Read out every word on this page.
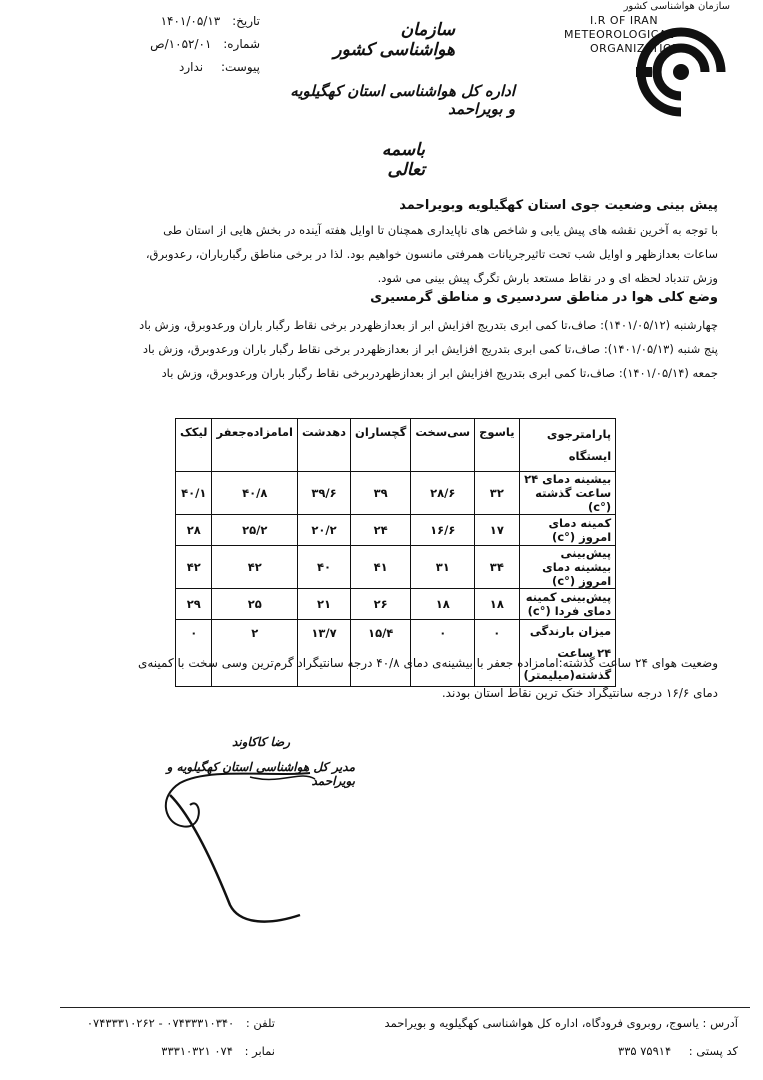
سازمان هواشناسی کشور
I.R OF IRAN
METEOROLOGICAL
ORGANIZATION
سازمان هواشناسی کشور
اداره کل هواشناسی استان کهگیلویه و بویراحمد
باسمه تعالی
تاریخ: ۱۴۰۱/۰۵/۱۳
شماره: ۱۰۵۲/۰۱/ص
پیوست: ندارد
پیش بینی وضعیت جوی استان کهگیلویه وبویراحمد
با توجه به آخرین نقشه های پیش یابی و شاخص های ناپایداری همچنان تا اوایل هفته آینده در بخش هایی از استان طی
ساعات بعدازظهر و اوایل شب تحت تاثیرجریانات همرفتی مانسون خواهیم بود. لذا در برخی مناطق رگبارباران، رعدوبرق،
وزش تندباد لحظه ای و در نقاط مستعد بارش تگرگ پیش بینی می شود.
وضع کلی هوا در مناطق سردسیری و مناطق گرمسیری
چهارشنبه (۱۴۰۱/۰۵/۱۲): صاف،تا کمی ابری بتدریج افزایش ابر از بعدازظهردر برخی نقاط رگبار باران ورعدوبرق، وزش باد
پنج شنبه (۱۴۰۱/۰۵/۱۳): صاف،تا کمی ابری بتدریج افزایش ابر از بعدازظهردر برخی نقاط رگبار باران ورعدوبرق، وزش باد
جمعه (۱۴۰۱/۰۵/۱۴): صاف،تا کمی ابری بتدریج افزایش ابر از بعدازظهردربرخی نقاط رگبار باران ورعدوبرق، وزش باد
پارامترجوی
ایستگاه	یاسوج	سی‌سخت	گچساران	دهدشت	امامزاده‌جعفر	لیکک
بیشینه دمای ۲۴ ساعت گذشته (°c)	۳۲	۲۸/۶	۳۹	۳۹/۶	۴۰/۸	۴۰/۱
کمینه دمای امروز (°c)	۱۷	۱۶/۶	۲۴	۲۰/۲	۲۵/۲	۲۸
پیش‌بینی بیشینه دمای امروز (°c)	۳۴	۳۱	۴۱	۴۰	۴۲	۴۲
پیش‌بینی کمینه دمای فردا (°c)	۱۸	۱۸	۲۶	۲۱	۲۵	۲۹

میزان بارندگی ۲۴ ساعت
گذشته(میلیمتر)	۰	۰	۱۵/۴	۱۳/۷	۲	۰
وضعیت هوای ۲۴ ساعت گذشته:امامزاده جعفر با بیشینه‌ی دمای ۴۰/۸ درجه سانتیگراد گرم‌ترین وسی سخت با کمینه‌ی
دمای ۱۶/۶ درجه سانتیگراد خنک ترین نقاط استان بودند.
رضا کاکاوند
مدیر کل هواشناسی استان کهگیلویه و بویراحمد
آدرس : یاسوج، روبروی فرودگاه، اداره کل هواشناسی کهگیلویه و بویراحمد
تلفن : ۰۷۴۳۳۳۱۰۳۴۰ - ۰۷۴۳۳۳۱۰۲۶۲
کد پستی : ۷۵۹۱۴ ۳۳۵
نمابر : ۰۷۴ ۳۳۳۱۰۳۲۱
